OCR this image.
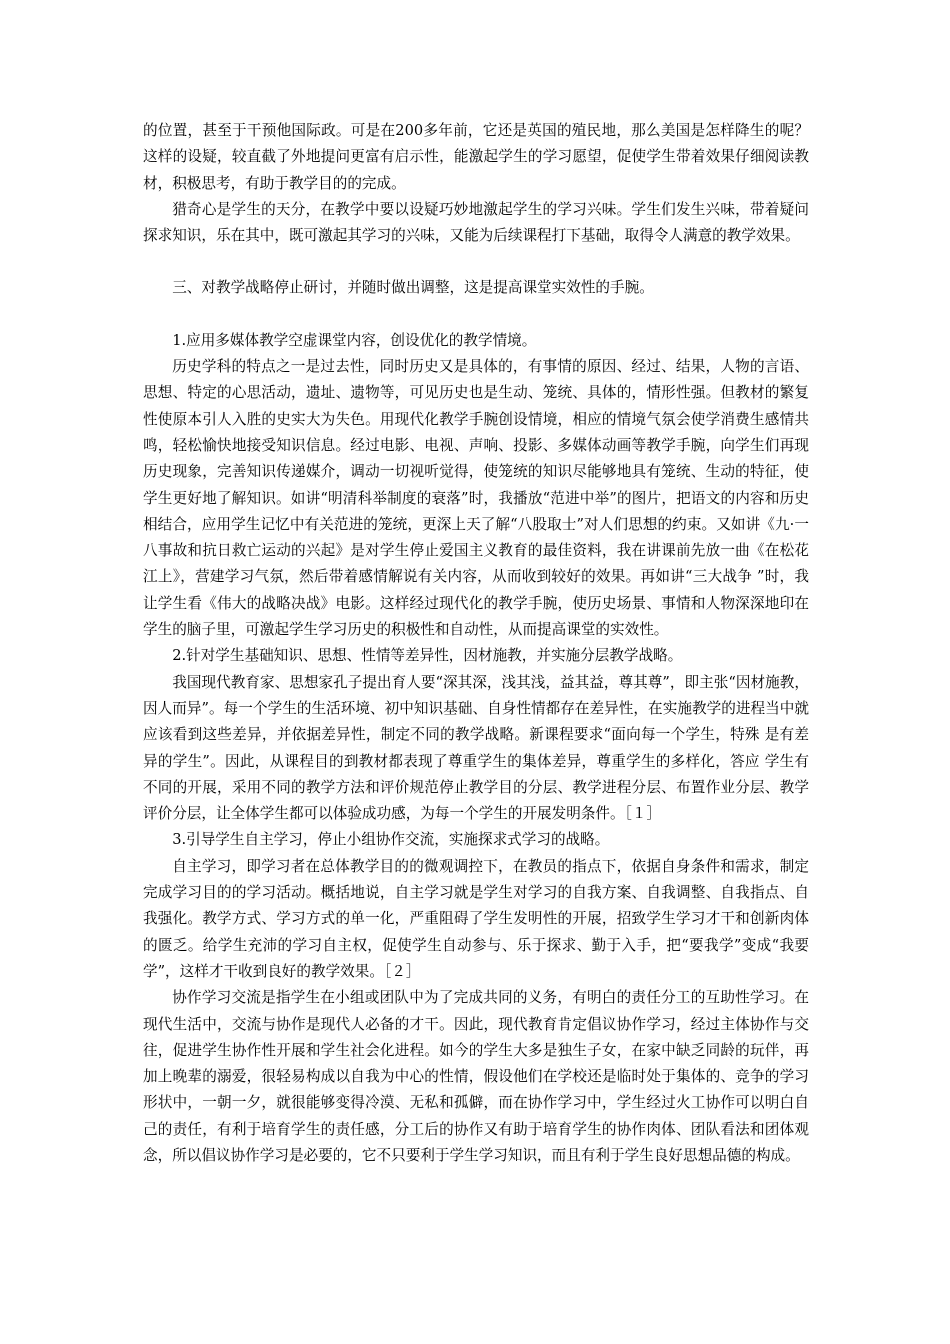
的位置，甚至于干预他国际政。可是在200多年前，它还是英国的殖民地，那么美国是怎样降生的呢？这样的设疑，较直截了外地提问更富有启示性，能激起学生的学习愿望，促使学生带着效果仔细阅读教材，积极思考，有助于教学目的的完成。

猎奇心是学生的天分，在教学中要以设疑巧妙地激起学生的学习兴味。学生们发生兴味，带着疑问探求知识，乐在其中，既可激起其学习的兴味，又能为后续课程打下基础，取得令人满意的教学效果。

三、对教学战略停止研讨，并随时做出调整，这是提高课堂实效性的手腕。

1.应用多媒体教学空虚课堂内容，创设优化的教学情境。

历史学科的特点之一是过去性，同时历史又是具体的，有事情的原因、经过、结果，人物的言语、思想、特定的心思活动，遗址、遗物等，可见历史也是生动、笼统、具体的，情形性强。但教材的繁复性使原本引人入胜的史实大为失色。用现代化教学手腕创设情境，相应的情境气氛会使学消费生感情共鸣，轻松愉快地接受知识信息。经过电影、电视、声响、投影、多媒体动画等教学手腕，向学生们再现历史现象，完善知识传递媒介，调动一切视听觉得，使笼统的知识尽能够地具有笼统、生动的特征，使学生更好地了解知识。如讲“明清科举制度的衰落”时，我播放“范进中举”的图片，把语文的内容和历史相结合，应用学生记忆中有关范进的笼统，更深上天了解“八股取士”对人们思想的约束。又如讲《九·一八事故和抗日救亡运动的兴起》是对学生停止爱国主义教育的最佳资料，我在讲课前先放一曲《在松花江上》，营建学习气氛，然后带着感情解说有关内容，从而收到较好的效果。再如讲“三大战争 ”时，我让学生看《伟大的战略决战》电影。这样经过现代化的教学手腕，使历史场景、事情和人物深深地印在学生的脑子里，可激起学生学习历史的积极性和自动性，从而提高课堂的实效性。

2.针对学生基础知识、思想、性情等差异性，因材施教，并实施分层教学战略。

我国现代教育家、思想家孔子提出育人要“深其深，浅其浅，益其益，尊其尊”，即主张“因材施教，因人而异”。每一个学生的生活环境、初中知识基础、自身性情都存在差异性，在实施教学的进程当中就应该看到这些差异，并依据差异性，制定不同的教学战略。新课程要求“面向每一个学生，特殊 是有差异的学生”。因此，从课程目的到教材都表现了尊重学生的集体差异，尊重学生的多样化，答应 学生有不同的开展，采用不同的教学方法和评价规范停止教学目的分层、教学进程分层、布置作业分层、教学评价分层，让全体学生都可以体验成功感，为每一个学生的开展发明条件。［１］

3.引导学生自主学习，停止小组协作交流，实施探求式学习的战略。

自主学习，即学习者在总体教学目的的微观调控下，在教员的指点下，依据自身条件和需求，制定完成学习目的的学习活动。概括地说，自主学习就是学生对学习的自我方案、自我调整、自我指点、自我强化。教学方式、学习方式的单一化，严重阻碍了学生发明性的开展，招致学生学习才干和创新肉体的匮乏。给学生充沛的学习自主权，促使学生自动参与、乐于探求、勤于入手，把“要我学”变成“我要学”，这样才干收到良好的教学效果。［２］

协作学习交流是指学生在小组或团队中为了完成共同的义务，有明白的责任分工的互助性学习。在现代生活中，交流与协作是现代人必备的才干。因此，现代教育肯定倡议协作学习，经过主体协作与交往，促进学生协作性开展和学生社会化进程。如今的学生大多是独生子女，在家中缺乏同龄的玩伴，再加上晚辈的溺爱，很轻易构成以自我为中心的性情，假设他们在学校还是临时处于集体的、竞争的学习形状中，一朝一夕，就很能够变得冷漠、无私和孤僻，而在协作学习中，学生经过火工协作可以明白自己的责任，有利于培育学生的责任感，分工后的协作又有助于培育学生的协作肉体、团队看法和团体观念，所以倡议协作学习是必要的，它不只要利于学生学习知识，而且有利于学生良好思想品德的构成。
